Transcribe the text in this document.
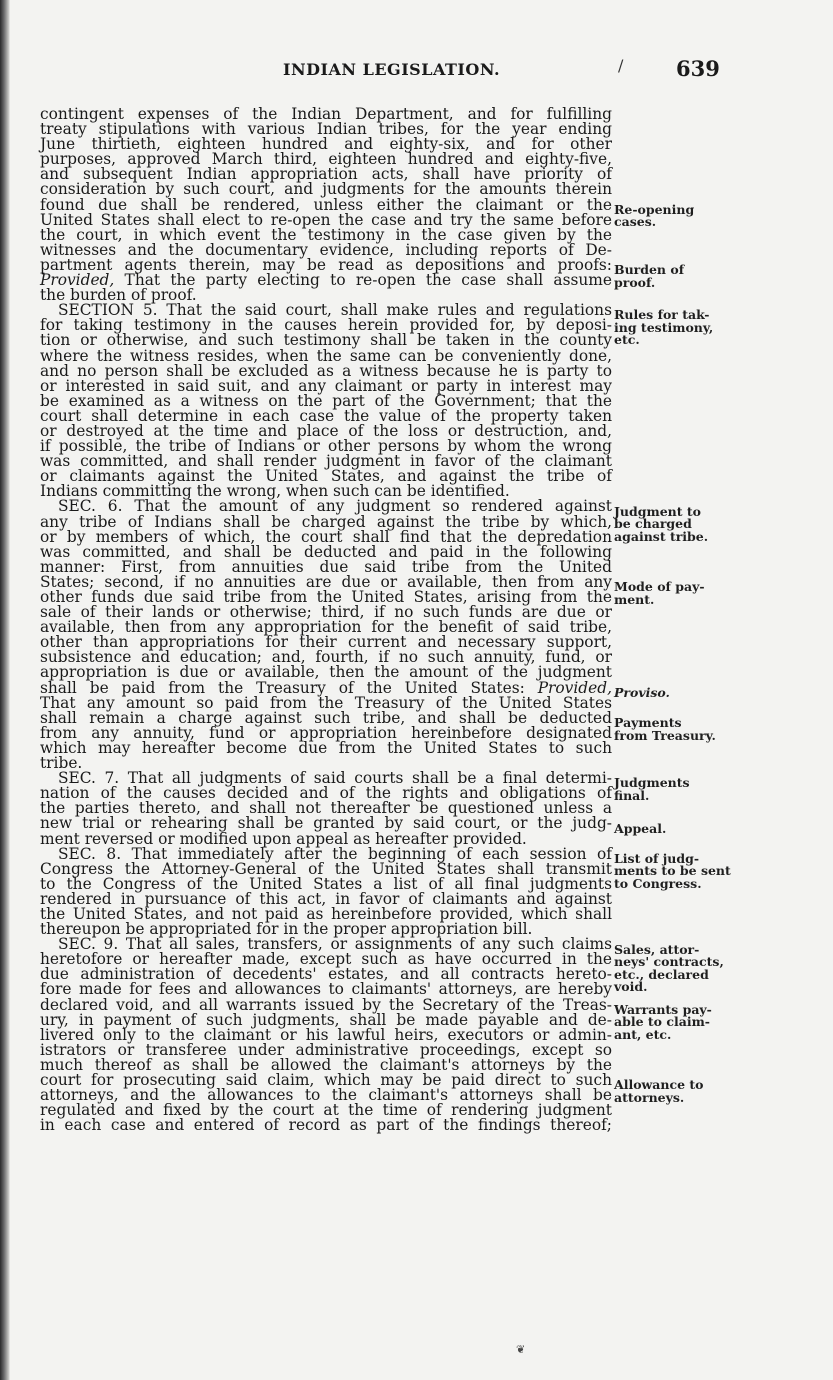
INDIAN LEGISLATION.	/	639
contingent expenses of the Indian Department, and for fulfilling
treaty stipulations with various Indian tribes, for the year ending
June thirtieth, eighteen hundred and eighty-six, and for other
purposes, approved March third, eighteen hundred and eighty-five,
and subsequent Indian appropriation acts, shall have priority of
consideration by such court, and judgments for the amounts therein
found due shall be rendered, unless either the claimant or the
United States shall elect to re-open the case and try the same before
the court, in which event the testimony in the case given by the
witnesses and the documentary evidence, including reports of De-
partment agents therein, may be read as depositions and proofs:
Provided, That the party electing to re-open the case shall assume
the burden of proof.
SECTION 5. That the said court, shall make rules and regulations
for taking testimony in the causes herein provided for, by deposi-
tion or otherwise, and such testimony shall be taken in the county
where the witness resides, when the same can be conveniently done,
and no person shall be excluded as a witness because he is party to
or interested in said suit, and any claimant or party in interest may
be examined as a witness on the part of the Government; that the
court shall determine in each case the value of the property taken
or destroyed at the time and place of the loss or destruction, and,
if possible, the tribe of Indians or other persons by whom the wrong
was committed, and shall render judgment in favor of the claimant
or claimants against the United States, and against the tribe of
Indians committing the wrong, when such can be identified.
SEC. 6. That the amount of any judgment so rendered against
any tribe of Indians shall be charged against the tribe by which,
or by members of which, the court shall find that the depredation
was committed, and shall be deducted and paid in the following
manner: First, from annuities due said tribe from the United
States; second, if no annuities are due or available, then from any
other funds due said tribe from the United States, arising from the
sale of their lands or otherwise; third, if no such funds are due or
available, then from any appropriation for the benefit of said tribe,
other than appropriations for their current and necessary support,
subsistence and education; and, fourth, if no such annuity, fund, or
appropriation is due or available, then the amount of the judgment
shall be paid from the Treasury of the United States: Provided,
That any amount so paid from the Treasury of the United States
shall remain a charge against such tribe, and shall be deducted
from any annuity, fund or appropriation hereinbefore designated
which may hereafter become due from the United States to such
tribe.
SEC. 7. That all judgments of said courts shall be a final determi-
nation of the causes decided and of the rights and obligations of
the parties thereto, and shall not thereafter be questioned unless a
new trial or rehearing shall be granted by said court, or the judg-
ment reversed or modified upon appeal as hereafter provided.
SEC. 8. That immediately after the beginning of each session of
Congress the Attorney-General of the United States shall transmit
to the Congress of the United States a list of all final judgments
rendered in pursuance of this act, in favor of claimants and against
the United States, and not paid as hereinbefore provided, which shall
thereupon be appropriated for in the proper appropriation bill.
SEC. 9. That all sales, transfers, or assignments of any such claims
heretofore or hereafter made, except such as have occurred in the
due administration of decedents' estates, and all contracts hereto-
fore made for fees and allowances to claimants' attorneys, are hereby
declared void, and all warrants issued by the Secretary of the Treas-
ury, in payment of such judgments, shall be made payable and de-
livered only to the claimant or his lawful heirs, executors or admin-
istrators or transferee under administrative proceedings, except so
much thereof as shall be allowed the claimant's attorneys by the
court for prosecuting said claim, which may be paid direct to such
attorneys, and the allowances to the claimant's attorneys shall be
regulated and fixed by the court at the time of rendering judgment
in each case and entered of record as part of the findings thereof;
Re-opening
cases.
Burden of
proof.
Rules for tak-
ing testimony,
etc.
Judgment to
be charged
against tribe.
Mode of pay-
ment.
Proviso.
Payments
from Treasury.
Judgments
final.
Appeal.
List of judg-
ments to be sent
to Congress.
Sales, attor-
neys' contracts,
etc., declared
void.
Warrants pay-
able to claim-
ant, etc.
Allowance to
attorneys.
❦
